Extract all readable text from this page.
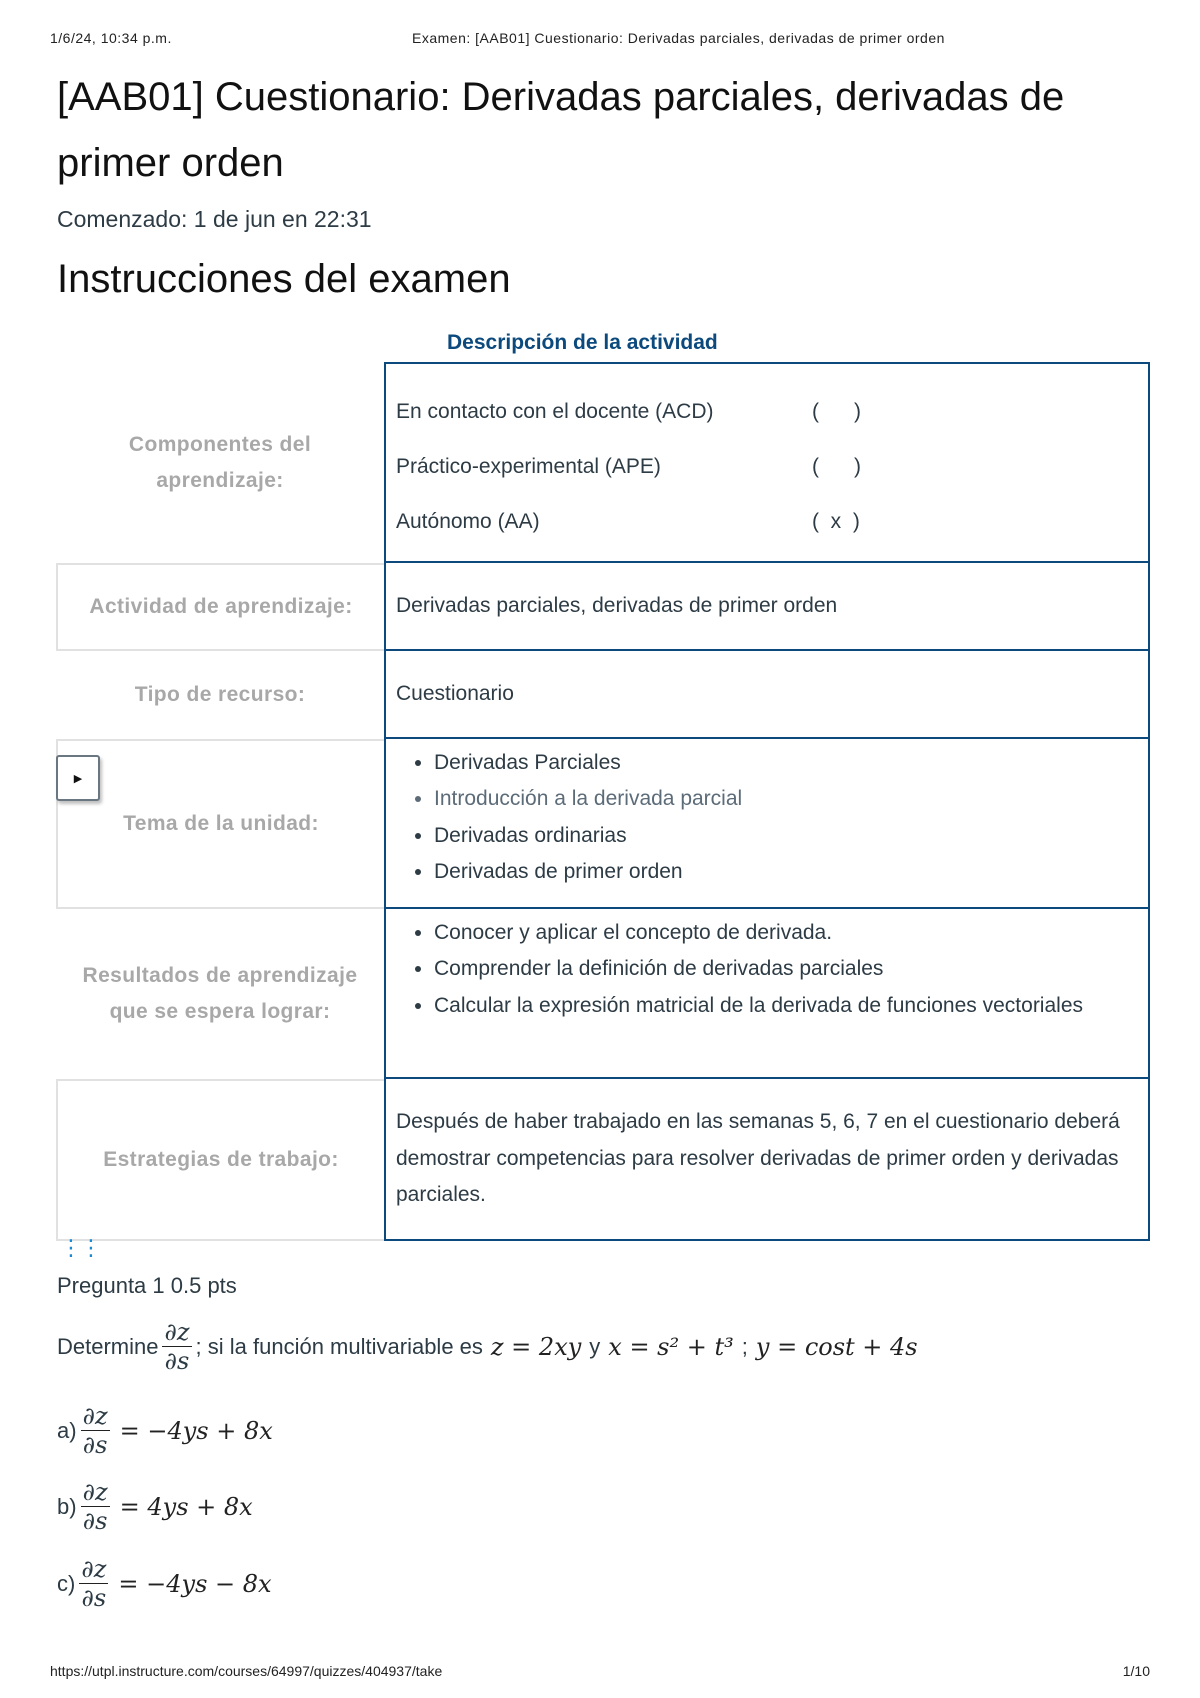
1/6/24, 10:34 p.m.	Examen: [AAB01] Cuestionario: Derivadas parciales, derivadas de primer orden
[AAB01] Cuestionario: Derivadas parciales, derivadas de primer orden
Comenzado: 1 de jun en 22:31
Instrucciones del examen
Descripción de la actividad
Componentes del aprendizaje:
En contacto con el docente (ACD)	(      )
Práctico-experimental (APE)	(      )
Autónomo (AA)	(  x  )
Actividad de aprendizaje:	Derivadas parciales, derivadas de primer orden
Tipo de recurso:	Cuestionario
Tema de la unidad:
• Derivadas Parciales
• Introducción a la derivada parcial
• Derivadas ordinarias
• Derivadas de primer orden
▶
Resultados de aprendizaje que se espera lograr:
• Conocer y aplicar el concepto de derivada.
• Comprender la definición de derivadas parciales
• Calcular la expresión matricial de la derivada de funciones vectoriales
Estrategias de trabajo:
Después de haber trabajado en las semanas 5, 6, 7 en el cuestionario deberá demostrar competencias para resolver derivadas de primer orden y derivadas parciales.
⋮⋮
Pregunta 1 0.5 pts
Determine $\frac{\partial z}{\partial s}$ ; si la función multivariable es z = 2xy y x = s² + t³ ; y = cost + 4s
$a) \frac{\partial z}{\partial s} = -4ys + 8x$
$b) \frac{\partial z}{\partial s} = 4ys + 8x$
$c) \frac{\partial z}{\partial s} = -4ys - 8x$
https://utpl.instructure.com/courses/64997/quizzes/404937/take	1/10
